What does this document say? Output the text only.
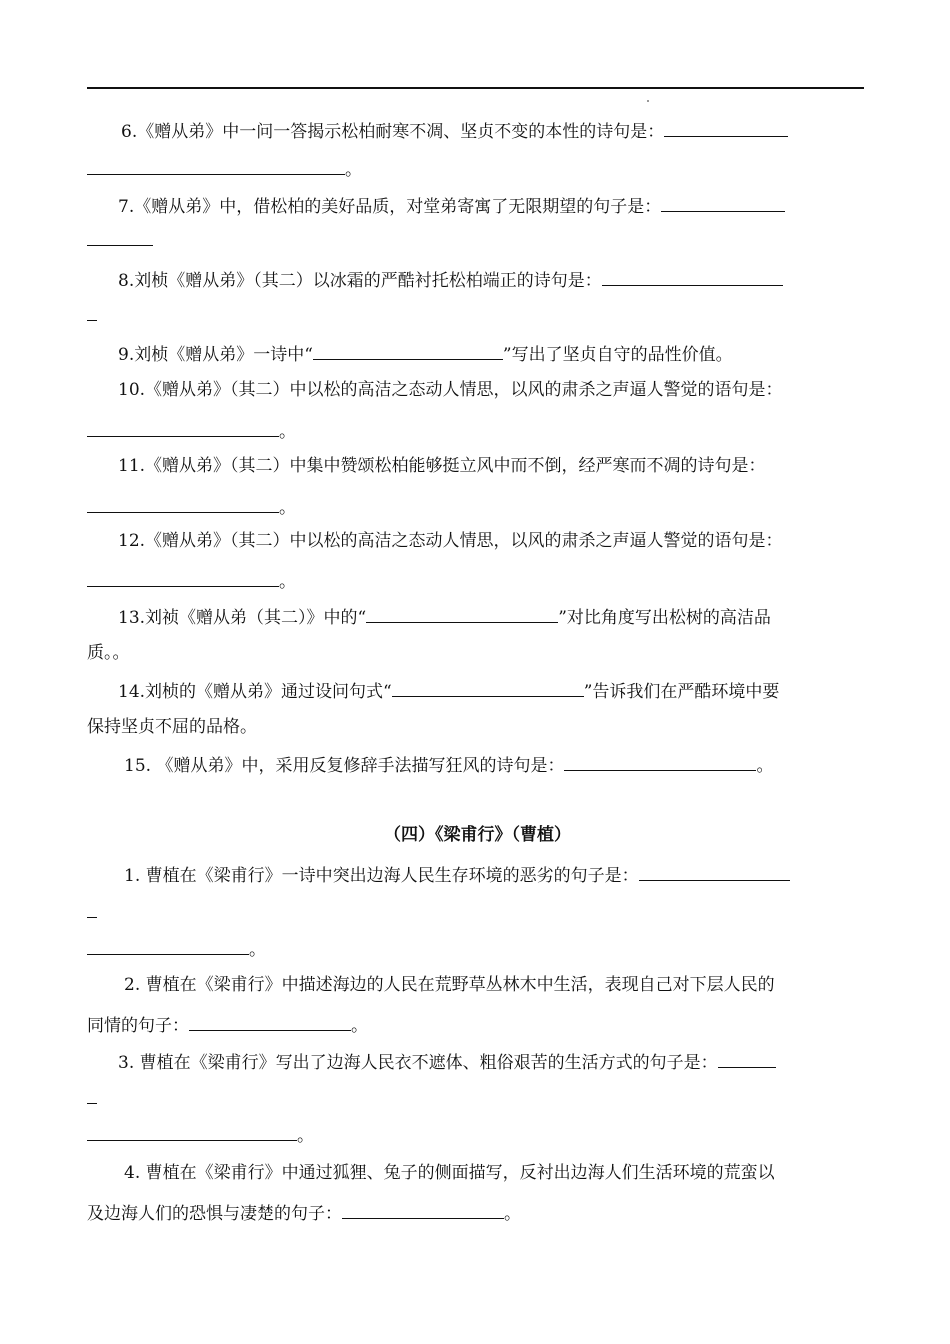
6.《赠从弟》中一问一答揭示松柏耐寒不凋、坚贞不变的本性的诗句是：
。
7.《赠从弟》中，借松柏的美好品质，对堂弟寄寓了无限期望的句子是：
8.刘桢《赠从弟》（其二）以冰霜的严酷衬托松柏端正的诗句是：
9.刘桢《赠从弟》一诗中“	”写出了坚贞自守的品性价值。
10.《赠从弟》（其二）中以松的高洁之态动人情思，以风的肃杀之声逼人警觉的语句是：
。
11.《赠从弟》（其二）中集中赞颂松柏能够挺立风中而不倒，经严寒而不凋的诗句是：
。
12.《赠从弟》（其二）中以松的高洁之态动人情思，以风的肃杀之声逼人警觉的语句是：
。
13.刘祯《赠从弟（其二）》中的“	”对比角度写出松树的高洁品
质。。
14.刘桢的《赠从弟》通过设问句式“	”告诉我们在严酷环境中要
保持坚贞不屈的品格。
15. 《赠从弟》中，采用反复修辞手法描写狂风的诗句是：	。
（四）《梁甫行》（曹植）
1. 曹植在《梁甫行》一诗中突出边海人民生存环境的恶劣的句子是：
。
2. 曹植在《梁甫行》中描述海边的人民在荒野草丛林木中生活，表现自己对下层人民的
同情的句子：	。
3. 曹植在《梁甫行》写出了边海人民衣不遮体、粗俗艰苦的生活方式的句子是：
。
4. 曹植在《梁甫行》中通过狐狸、兔子的侧面描写，反衬出边海人们生活环境的荒蛮以
及边海人们的恐惧与凄楚的句子：	。
